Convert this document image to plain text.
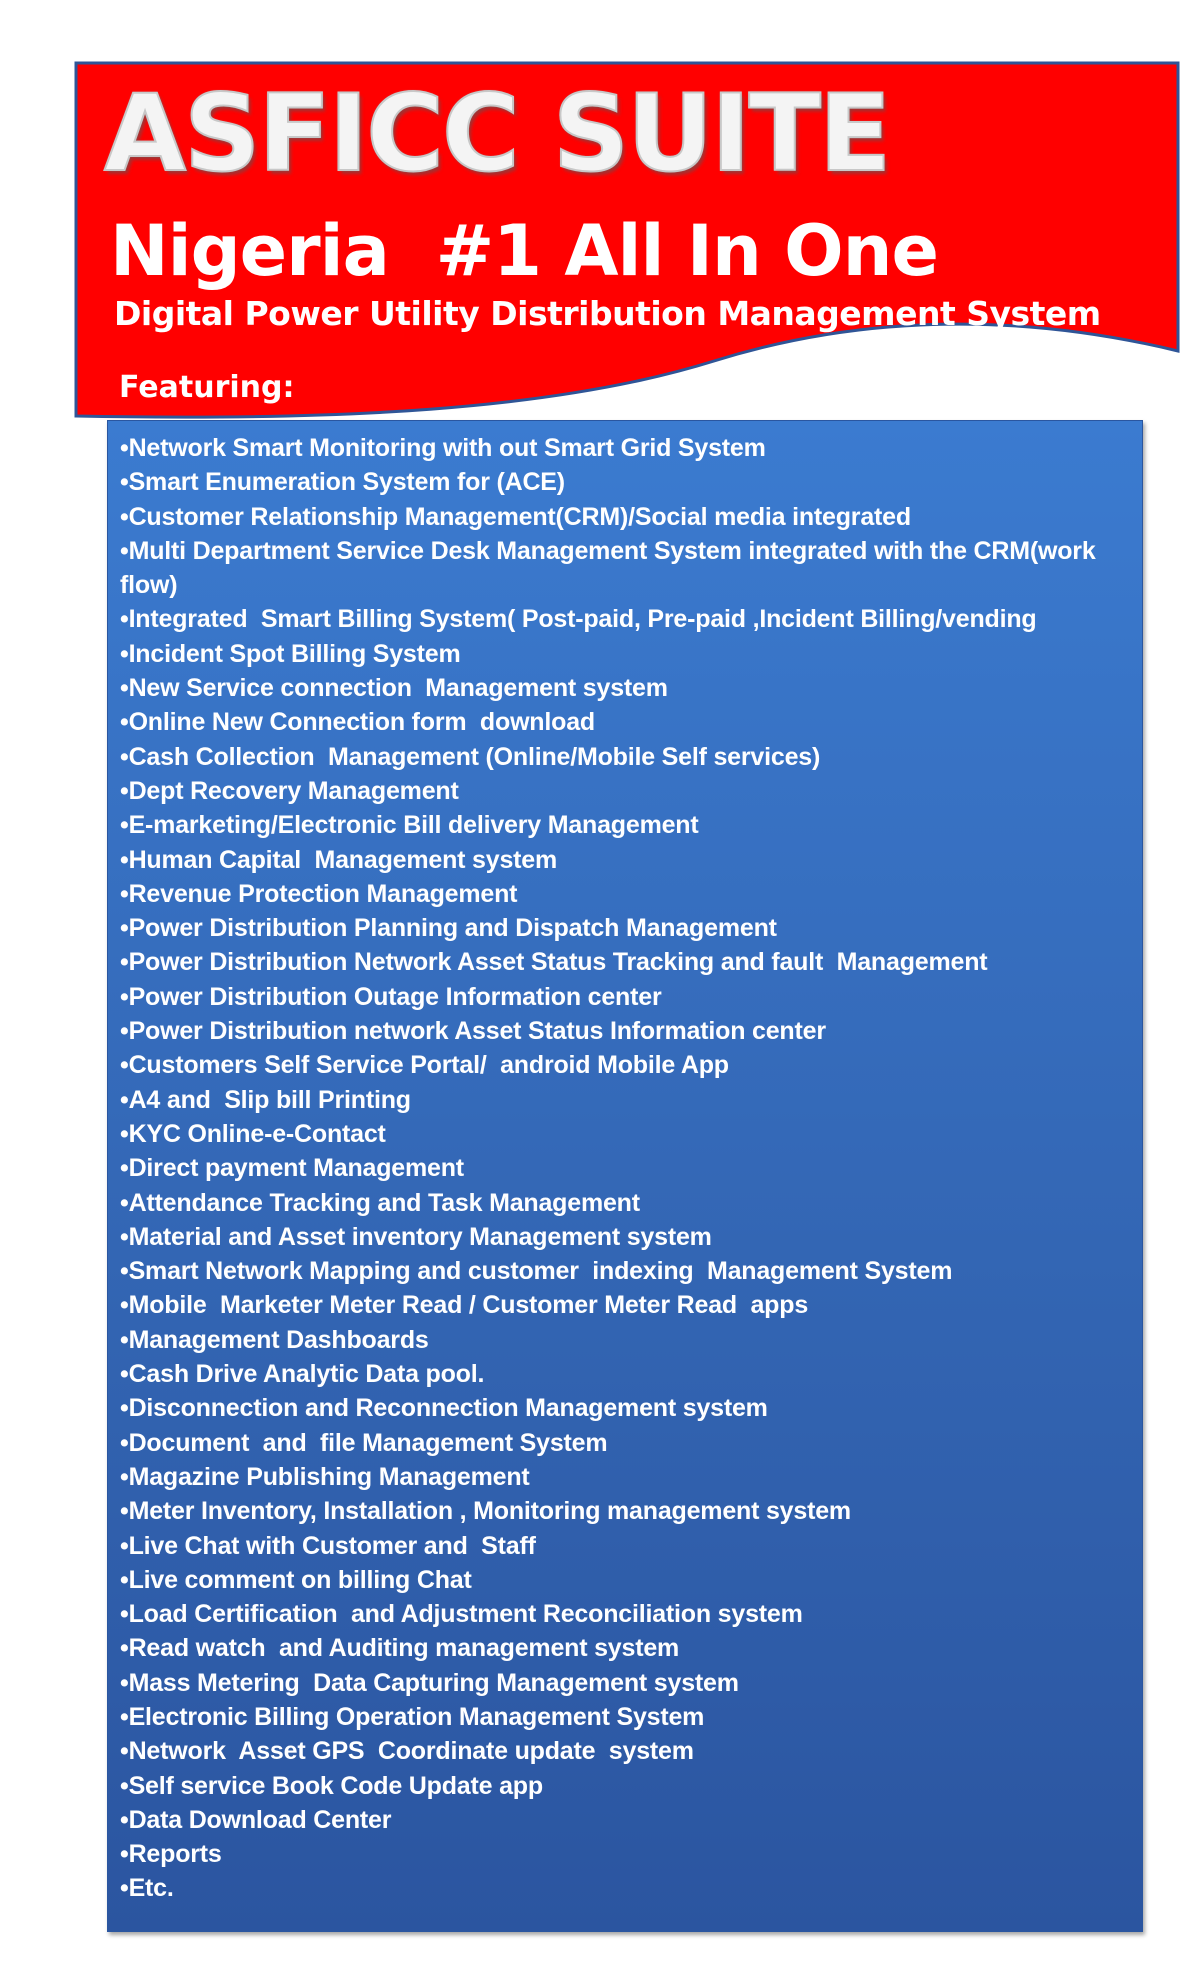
ASFICC SUITE
Nigeria  #1 All In One

Digital Power Utility Distribution Management System

Featuring:

•Network Smart Monitoring with out Smart Grid System
•Smart Enumeration System for (ACE)
•Customer Relationship Management(CRM)/Social media integrated
•Multi Department Service Desk Management System integrated with the CRM(work flow)
•Integrated  Smart Billing System( Post-paid, Pre-paid ,Incident Billing/vending
•Incident Spot Billing System
•New Service connection  Management system
•Online New Connection form  download
•Cash Collection  Management (Online/Mobile Self services)
•Dept Recovery Management
•E-marketing/Electronic Bill delivery Management
•Human Capital  Management system
•Revenue Protection Management
•Power Distribution Planning and Dispatch Management
•Power Distribution Network Asset Status Tracking and fault  Management
•Power Distribution Outage Information center
•Power Distribution network Asset Status Information center
•Customers Self Service Portal/  android Mobile App
•A4 and  Slip bill Printing
•KYC Online-e-Contact
•Direct payment Management
•Attendance Tracking and Task Management
•Material and Asset inventory Management system
•Smart Network Mapping and customer  indexing  Management System
•Mobile  Marketer Meter Read / Customer Meter Read  apps
•Management Dashboards
•Cash Drive Analytic Data pool.
•Disconnection and Reconnection Management system
•Document  and  file Management System
•Magazine Publishing Management
•Meter Inventory, Installation , Monitoring management system
•Live Chat with Customer and  Staff
•Live comment on billing Chat
•Load Certification  and Adjustment Reconciliation system
•Read watch  and Auditing management system
•Mass Metering  Data Capturing Management system
•Electronic Billing Operation Management System
•Network  Asset GPS  Coordinate update  system
•Self service Book Code Update app
•Data Download Center
•Reports
•Etc.
